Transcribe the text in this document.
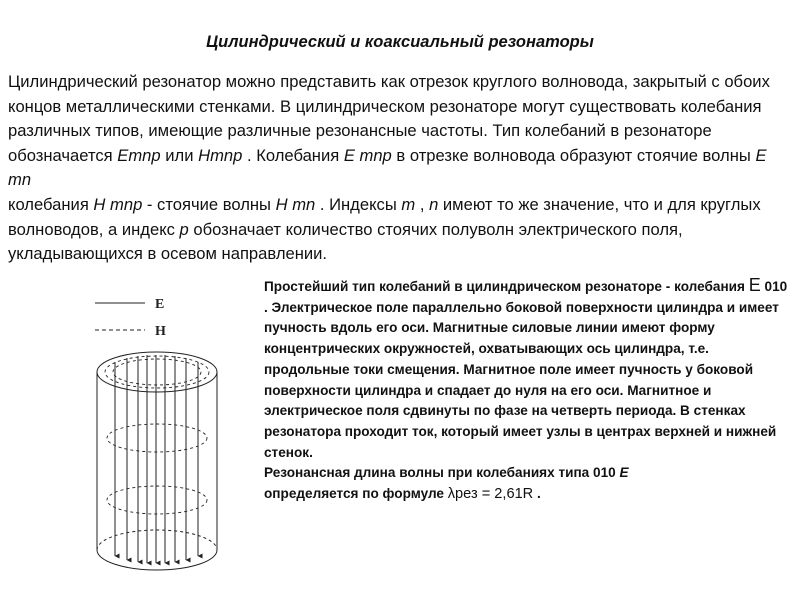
Цилиндрический и коаксиальный резонаторы
Цилиндрический резонатор можно представить как отрезок круглого волновода, закрытый с обоих концов металлическими стенками. В цилиндрическом резонаторе могут существовать колебания различных типов, имеющие различные резонансные частоты. Тип колебаний в резонаторе обозначается Emnp или Hmnp . Колебания E mnp в отрезке волновода образуют стоячие волны E mn
колебания H mnp - стоячие волны H mn . Индексы m , n имеют то же значение, что и для круглых волноводов, а индекс p обозначает количество стоячих полуволн электрического поля, укладывающихся в осевом направлении.
E
H
Простейший тип колебаний в цилиндрическом резонаторе - колебания E 010 . Электрическое поле параллельно боковой поверхности цилиндра и имеет пучность вдоль его оси. Магнитные силовые линии имеют форму концентрических окружностей, охватывающих ось цилиндра, т.е. продольные токи смещения. Магнитное поле имеет пучность у боковой поверхности цилиндра и спадает до нуля на его оси. Магнитное и электрическое поля сдвинуты по фазе на четверть периода. В стенках резонатора проходит ток, который имеет узлы в центрах верхней и нижней стенок.
Резонансная длина волны при колебаниях типа 010 E
определяется по формуле λрез = 2,61R .
